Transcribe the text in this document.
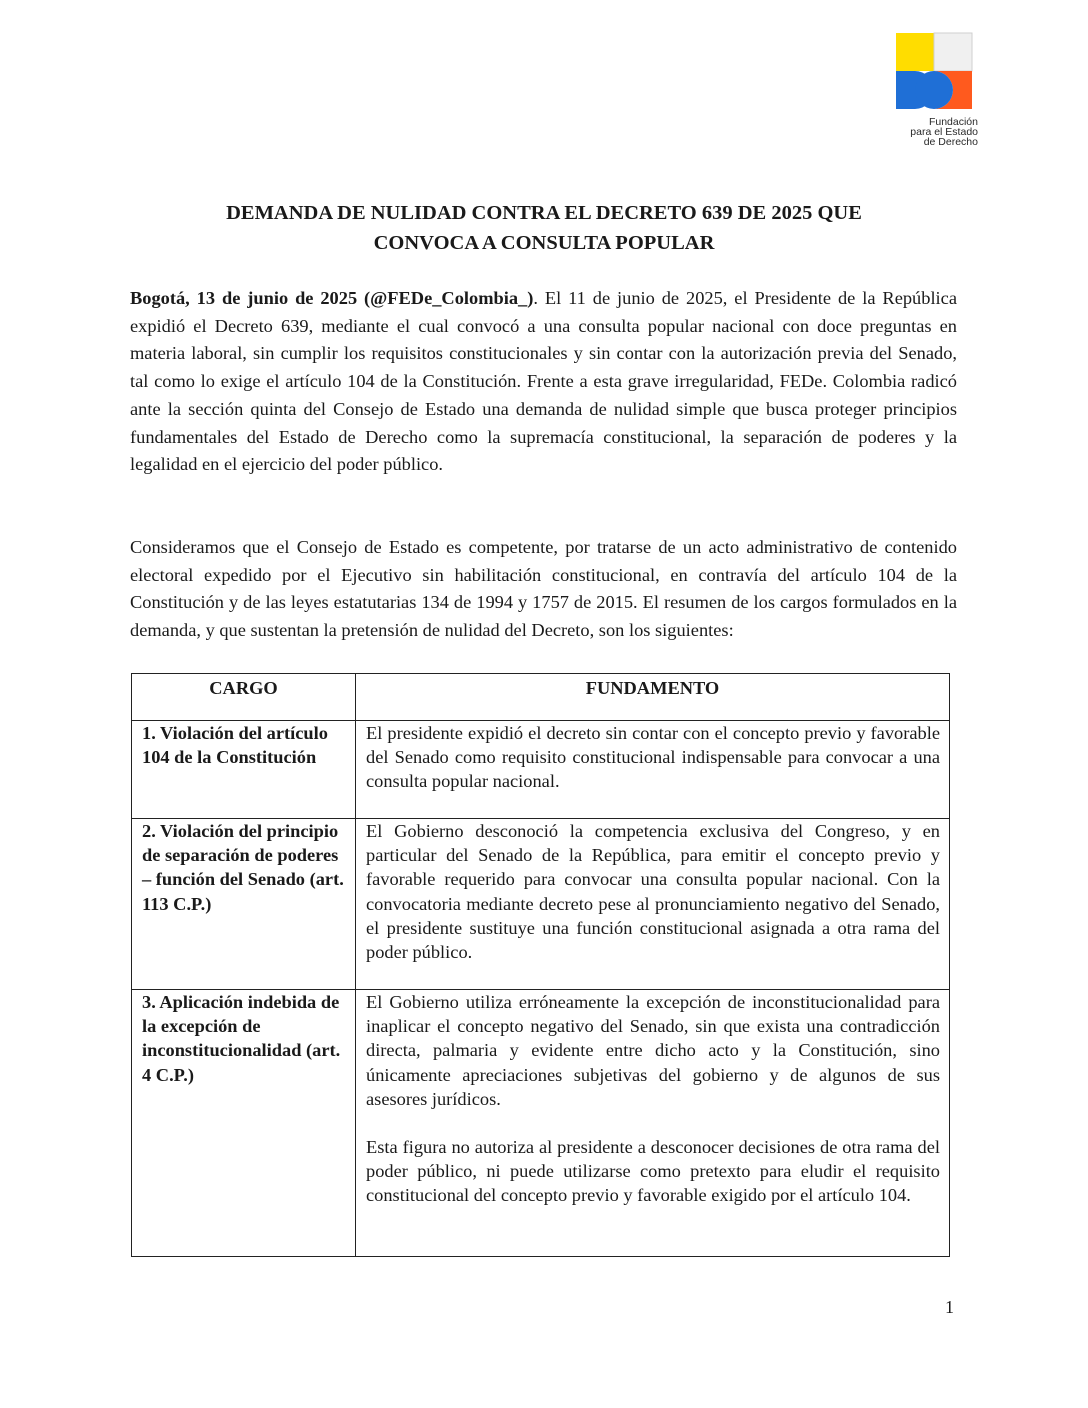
Fundación
para el Estado
de Derecho
DEMANDA DE NULIDAD CONTRA EL DECRETO 639 DE 2025 QUE
CONVOCA A CONSULTA POPULAR

Bogotá, 13 de junio de 2025 (@FEDe_Colombia_). El 11 de junio de 2025, el Presidente de la República expidió el Decreto 639, mediante el cual convocó a una consulta popular nacional con doce preguntas en materia laboral, sin cumplir los requisitos constitucionales y sin contar con la autorización previa del Senado, tal como lo exige el artículo 104 de la Constitución. Frente a esta grave irregularidad, FEDe. Colombia radicó ante la sección quinta del Consejo de Estado una demanda de nulidad simple que busca proteger principios fundamentales del Estado de Derecho como la supremacía constitucional, la separación de poderes y la legalidad en el ejercicio del poder público.

Consideramos que el Consejo de Estado es competente, por tratarse de un acto administrativo de contenido electoral expedido por el Ejecutivo sin habilitación constitucional, en contravía del artículo 104 de la Constitución y de las leyes estatutarias 134 de 1994 y 1757 de 2015. El resumen de los cargos formulados en la demanda, y que sustentan la pretensión de nulidad del Decreto, son los siguientes:

CARGO	FUNDAMENTO
1. Violación del artículo 104 de la Constitución	El presidente expidió el decreto sin contar con el concepto previo y favorable del Senado como requisito constitucional indispensable para convocar a una consulta popular nacional.

2. Violación del principio de separación de poderes – función del Senado (art. 113 C.P.)	El Gobierno desconoció la competencia exclusiva del Congreso, y en particular del Senado de la República, para emitir el concepto previo y favorable requerido para convocar una consulta popular nacional. Con la convocatoria mediante decreto pese al pronunciamiento negativo del Senado, el presidente sustituye una función constitucional asignada a otra rama del poder público.

3. Aplicación indebida de la excepción de inconstitucionalidad (art. 4 C.P.)	El Gobierno utiliza erróneamente la excepción de inconstitucionalidad para inaplicar el concepto negativo del Senado, sin que exista una contradicción directa, palmaria y evidente entre dicho acto y la Constitución, sino únicamente apreciaciones subjetivas del gobierno y de algunos de sus asesores jurídicos.

Esta figura no autoriza al presidente a desconocer decisiones de otra rama del poder público, ni puede utilizarse como pretexto para eludir el requisito constitucional del concepto previo y favorable exigido por el artículo 104.

1
